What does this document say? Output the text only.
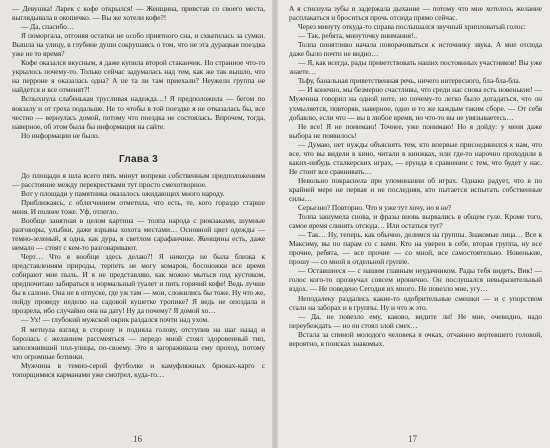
— Девушка! Ларек с кофе открылся! — Женщина, привстав со своего места, выглядывала в окошечко. — Вы же хотели кофе?!

— Да, спасибо…

Я поморгала, отгоняя остатки не особо приятного сна, и схватилась за сумки. Вышла на улицу, в глубине души сокрушаясь о том, что не эта дурацкая поездка уже не то время?

Кофе оказался вкусным, я даже купила второй стаканчик. Но странное что-то укрылось почему-то. Только сейчас задумалась над тем, как же так вышло, что на перроне я оказалась одна? А не та ли там приехали? Неужели группа не найдется и все отменят?!

Вспыхнула слабенькая трусливая надежда…! Я предположила — бегом по вокзалу и от греха подальше. Не то чтобы в той поездке я не отказалась бы, все честно — вернулась домой, потому что поездка не состоялась. Впрочем, тогда, наверное, об этом была бы информация на сайте.

Но информации не было.

Глава 3

До площади я шла всего пять минут вопреки собственным предположениям — расстояние между перекрестками тут просто смехотворное.

Вот у площади у памятника оказалось ожидающих много народу.

Приближаясь, с облегчением отметила, что есть, те, кого гораздо старше меня. И полнее тоже. Уф, отлегло.

Вообще занятная в целом картина — толпа народа с рюкзаками, шумные разговоры, улыбки, даже взрывы хохота местами… Основной цвет одежды — темно-зеленый, я одна, как дура, в светлом сарафанчике. Женщины есть, даже немало — стоят с кем-то разговаривают.

Черт… Что я вообще здесь делаю?! Я никогда не была близка к представлениям природы, терпеть не могу комаров, босоножки все время собирают мне пыль. И я не представляю, как можно мыться под кустиком, предпочитаю забираться в нормальный туалет и пить горячий кофе! Ведь лучше бы в салоне. Она не в отпуске, где уж там — мои, сложились бы тоже. Ну что же, пойду проведу неделю на садовой кушетке тропике? Я ведь не опоздала и прозрела, ибо случайно она на дату! Ну да почему? Я домой хо…

— Ух! — глубокий мужской окрик раздался почти над ухом.

Я метнула взгляд в сторону и подняла голову, отступив на шаг назад и боролась с желанием рассмеяться — передо мной стоял здоровенный тип, заполонивший пол-улицы, по-своему. Это я загораживала ему проход, потому что огромные ботинки.

Мужчина в темно-серой футболке и камуфляжных брюках-карго с топорщимися карманами уже смотрел, куда-то…

16

А я стиснула зубы и задержала дыхание — потому что мне хотелось желание расплакаться и броситься прочь отсюда прямо сейчас.

Через минуту откуда-то справа послышался звучный хрипловатый голос:

— Так, ребята, минуточку внимания!..

Толпа понятливо начала поворачиваться к источнику звука. А мне отсюда даже было почти не видно…

— Я, как всегда, рады приветствовать наших постоянных участников! Вы уже знаете…

Тьфу, банальная приветственная речь, ничего интересного, бла-бла-бла.

— И конечно, мы безмерно счастливы, что среди нас снова есть новенькие! — Мужчина говорил на одной ноте, но почему-то легко было догадаться, что он ухмыляется, повторяв, наверное, одно и то же каждым таким сборе. — От себя добавлю, если что — вы в любое время, но что-то вы не увязываетесь…

Не все! Я не понимаю! Точнее, уже понимаю! Но я дойду: у меня даже выбора не появилось!

— Думаю, нет нужды объяснять тем, кто впервые присоединился к нам, что все, что вы видели в кино, читали в книжках, или где-то нарочно проходили в каких-нибудь сталкерских играх, — ерунда в сравнении с тем, что будет у нас. Не стоит все сравнивать…

Невольно покраснела при упоминании об играх. Однако радует, что я по крайней мере не первая и не последняя, кто пытается испытать собственные силы…

Серьезно? Повторно. Что я уже тут хочу, но я не?

Толпа зашумела снова, и фразы вновь вырвались в общем гуле. Кроме того, самое время слинять отсюда… Или остаться тут?

— Так… Ну, теперь, как обычно, делимся на группы. Знакомые лица… Все к Максиму, вы по парам со с вами. Кто на уверен в себе, вторая группа, ну все прочие, ребята, — все прочие — со мной, все самостоятельно. Новенькие, прошу — со мной в отдельной группе.

— Оставшиеся — с нашим главным неудачником. Рады тебя видеть, Вик! — голос кого-то прозвучал совсем иронично. Он послушался невыразительный вздох. — Не поведено Сегодня их много. Не повезло мне, угу…

Неподалеку раздались какие-то одобрительные смешки — и с упорством стали на заборах и в группы. Ну и что ж это.

— Да, не повезло ему, каково, видите ли! Не мне, очевидно, надо переубеждать — но он стоял злой смех…

Встала за спиной молодого человека в очках, отчаянно вертевшего головой, вероятно, в поисках знакомых.

17
